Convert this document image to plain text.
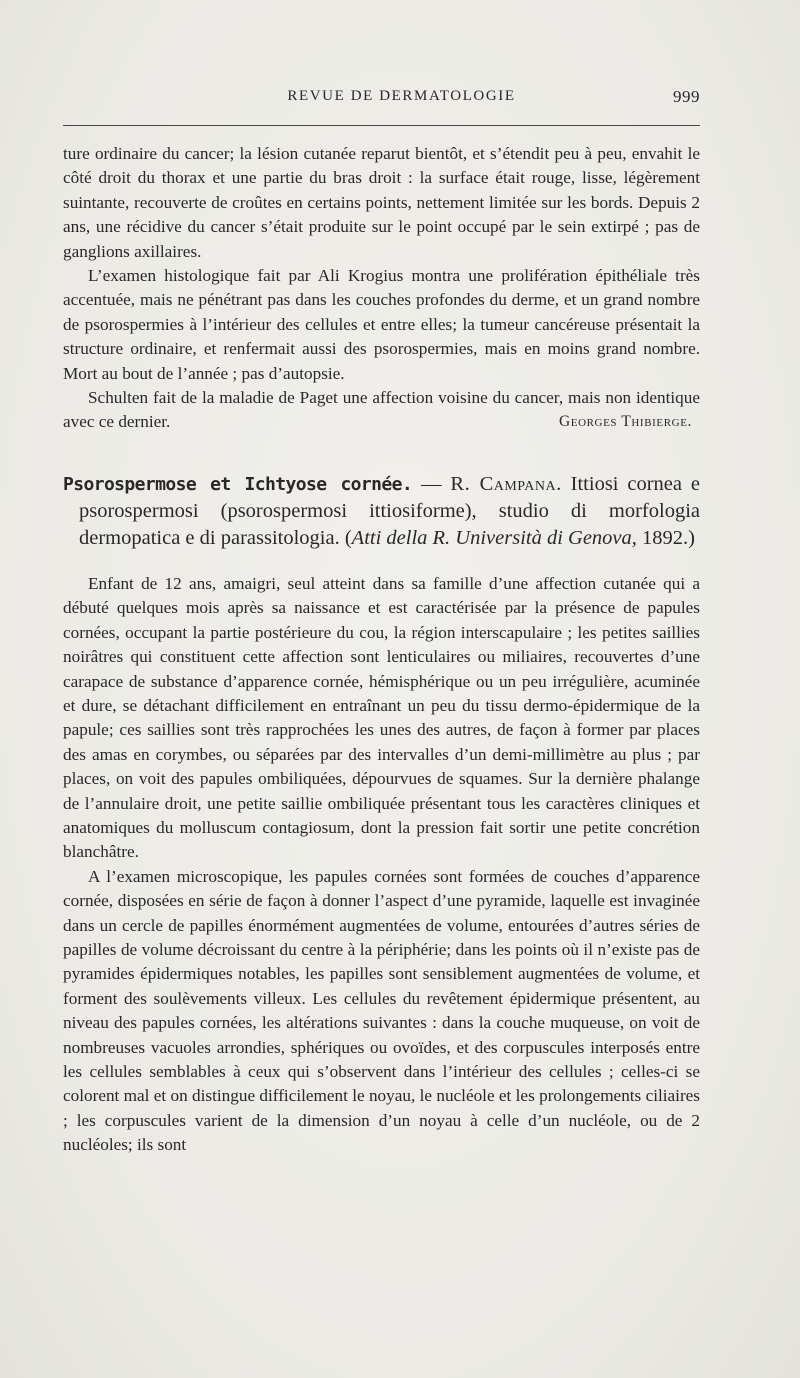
REVUE DE DERMATOLOGIE	999

ture ordinaire du cancer; la lésion cutanée reparut bientôt, et s’étendit peu à peu, envahit le côté droit du thorax et une partie du bras droit : la surface était rouge, lisse, légèrement suintante, recouverte de croûtes en certains points, nettement limitée sur les bords. Depuis 2 ans, une récidive du cancer s’était produite sur le point occupé par le sein extirpé ; pas de ganglions axillaires.

L’examen histologique fait par Ali Krogius montra une prolifération épithéliale très accentuée, mais ne pénétrant pas dans les couches profondes du derme, et un grand nombre de psorospermies à l’intérieur des cellules et entre elles; la tumeur cancéreuse présentait la structure ordinaire, et renfermait aussi des psorospermies, mais en moins grand nombre. Mort au bout de l’année ; pas d’autopsie.

Schulten fait de la maladie de Paget une affection voisine du cancer, mais non identique avec ce dernier.	Georges Thibierge.

Psorospermose et Ichtyose cornée. — R. Campana. Ittiosi cornea e psorospermosi (psorospermosi ittiosiforme), studio di morfologia dermopatica e di parassitologia. (Atti della R. Università di Genova, 1892.)

Enfant de 12 ans, amaigri, seul atteint dans sa famille d’une affection cutanée qui a débuté quelques mois après sa naissance et est caractérisée par la présence de papules cornées, occupant la partie postérieure du cou, la région interscapulaire ; les petites saillies noirâtres qui constituent cette affection sont lenticulaires ou miliaires, recouvertes d’une carapace de substance d’apparence cornée, hémisphérique ou un peu irrégulière, acuminée et dure, se détachant difficilement en entraînant un peu du tissu dermo-épidermique de la papule; ces saillies sont très rapprochées les unes des autres, de façon à former par places des amas en corymbes, ou séparées par des intervalles d’un demi-millimètre au plus ; par places, on voit des papules ombiliquées, dépourvues de squames. Sur la dernière phalange de l’annulaire droit, une petite saillie ombiliquée présentant tous les caractères cliniques et anatomiques du molluscum contagiosum, dont la pression fait sortir une petite concrétion blanchâtre.

A l’examen microscopique, les papules cornées sont formées de couches d’apparence cornée, disposées en série de façon à donner l’aspect d’une pyramide, laquelle est invaginée dans un cercle de papilles énormément augmentées de volume, entourées d’autres séries de papilles de volume décroissant du centre à la périphérie; dans les points où il n’existe pas de pyramides épidermiques notables, les papilles sont sensiblement augmentées de volume, et forment des soulèvements villeux. Les cellules du revêtement épidermique présentent, au niveau des papules cornées, les altérations suivantes : dans la couche muqueuse, on voit de nombreuses vacuoles arrondies, sphériques ou ovoïdes, et des corpuscules interposés entre les cellules semblables à ceux qui s’observent dans l’intérieur des cellules ; celles-ci se colorent mal et on distingue difficilement le noyau, le nucléole et les prolongements ciliaires ; les corpuscules varient de la dimension d’un noyau à celle d’un nucléole, ou de 2 nucléoles; ils sont
